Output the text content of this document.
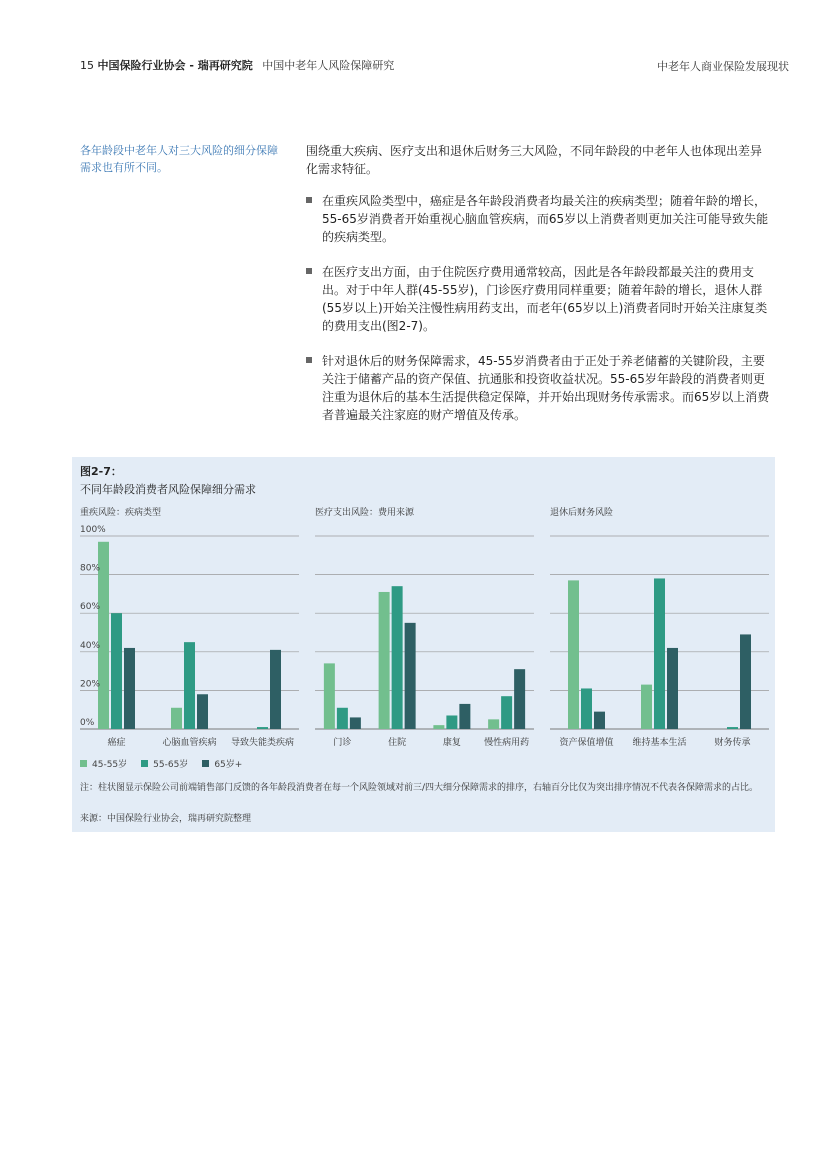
15 中国保险行业协会 - 瑞再研究院 中国中老年人风险保障研究	中老年人商业保险发展现状
各年龄段中老年人对三大风险的细分保障需求也有所不同。
围绕重大疾病、医疗支出和退休后财务三大风险，不同年龄段的中老年人也体现出差异化需求特征。
在重疾风险类型中，癌症是各年龄段消费者均最关注的疾病类型；随着年龄的增长，55-65岁消费者开始重视心脑血管疾病，而65岁以上消费者则更加关注可能导致失能的疾病类型。
在医疗支出方面，由于住院医疗费用通常较高，因此是各年龄段都最关注的费用支出。对于中年人群(45-55岁)，门诊医疗费用同样重要；随着年龄的增长，退休人群(55岁以上)开始关注慢性病用药支出，而老年(65岁以上)消费者同时开始关注康复类的费用支出(图2-7)。
针对退休后的财务保障需求，45-55岁消费者由于正处于养老储蓄的关键阶段，主要关注于储蓄产品的资产保值、抗通胀和投资收益状况。55-65岁年龄段的消费者则更注重为退休后的基本生活提供稳定保障，并开始出现财务传承需求。而65岁以上消费者普遍最关注家庭的财产增值及传承。
重疾风险：疾病类型
癌症	心脑血管疾病 导致失能类疾病
医疗支出风险：费用来源
门诊	住院	康复	慢性病用药
退休后财务风险
资产保值增值 维持基本生活	财务传承
100%
80%
60%
40%
20%
0%
图2-7：
不同年龄段消费者风险保障细分需求
45-55岁	55-65岁	65岁+
注：柱状图显示保险公司前端销售部门反馈的各年龄段消费者在每一个风险领域对前三/四大细分保障需求的排序，右轴百分比仅为突出排序情况不代表各保障需求的占比。
来源：中国保险行业协会，瑞再研究院整理
